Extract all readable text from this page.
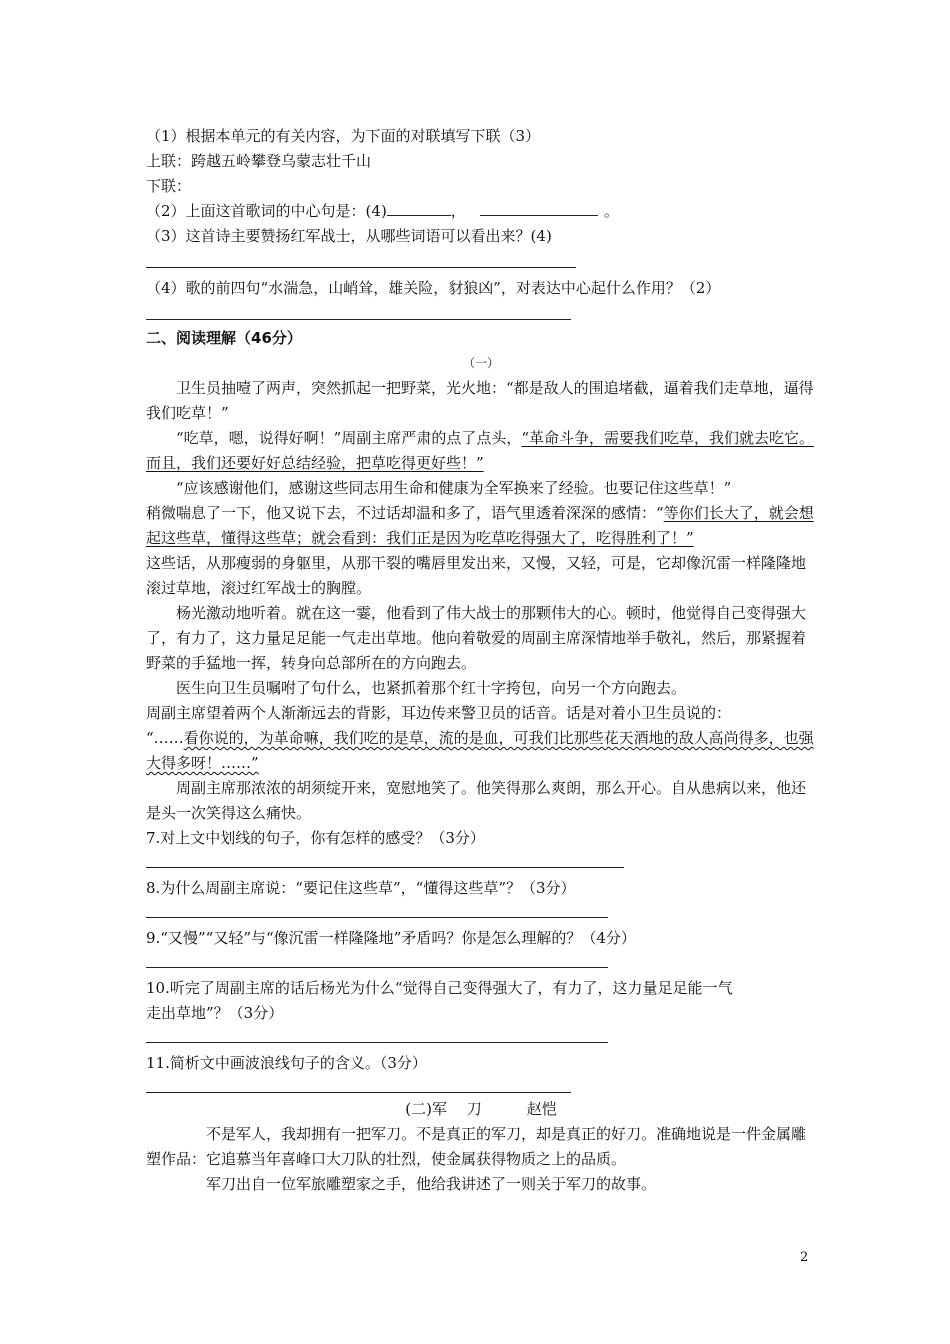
（1）根据本单元的有关内容，为下面的对联填写下联（3）
上联：跨越五岭攀登乌蒙志壮千山
下联：
（2）上面这首歌词的中心句是：(4)	，	。
（3）这首诗主要赞扬红军战士，从哪些词语可以看出来？(4)
（4）歌的前四句“水湍急，山峭耸，雄关险，豺狼凶”，对表达中心起什么作用？（2）
二、阅读理解（46分）
（一）
卫生员抽噎了两声，突然抓起一把野菜，光火地：“都是敌人的围追堵截，逼着我们走草地，逼得我们吃草！”
“吃草，嗯，说得好啊！”周副主席严肃的点了点头，“革命斗争，需要我们吃草，我们就去吃它。而且，我们还要好好总结经验，把草吃得更好些！”
“应该感谢他们，感谢这些同志用生命和健康为全军换来了经验。也要记住这些草！”
稍微喘息了一下，他又说下去，不过话却温和多了，语气里透着深深的感情：“等你们长大了，就会想起这些草，懂得这些草；就会看到：我们正是因为吃草吃得强大了，吃得胜利了！”
这些话，从那瘦弱的身躯里，从那干裂的嘴唇里发出来，又慢，又轻，可是，它却像沉雷一样隆隆地滚过草地，滚过红军战士的胸膛。
杨光激动地听着。就在这一霎，他看到了伟大战士的那颗伟大的心。顿时，他觉得自己变得强大了，有力了，这力量足足能一气走出草地。他向着敬爱的周副主席深情地举手敬礼，然后，那紧握着野菜的手猛地一挥，转身向总部所在的方向跑去。
医生向卫生员嘱咐了句什么，也紧抓着那个红十字挎包，向另一个方向跑去。
周副主席望着两个人渐渐远去的背影，耳边传来警卫员的话音。话是对着小卫生员说的：
“……看你说的，为革命嘛，我们吃的是草，流的是血，可我们比那些花天酒地的敌人高尚得多，也强大得多呀！……”
周副主席那浓浓的胡须绽开来，宽慰地笑了。他笑得那么爽朗，那么开心。自从患病以来，他还是头一次笑得这么痛快。
7.对上文中划线的句子，你有怎样的感受？（3分）
8.为什么周副主席说：“要记住这些草”，“懂得这些草”？（3分）
9.“又慢”“又轻”与“像沉雷一样隆隆地”矛盾吗？你是怎么理解的？（4分）
10.听完了周副主席的话后杨光为什么“觉得自己变得强大了，有力了，这力量足足能一气
走出草地”？（3分）
11.简析文中画波浪线句子的含义。（3分）
(二)军　 刀　　　赵恺
不是军人，我却拥有一把军刀。不是真正的军刀，却是真正的好刀。准确地说是一件金属雕塑作品：它追慕当年喜峰口大刀队的壮烈，使金属获得物质之上的品质。
军刀出自一位军旅雕塑家之手，他给我讲述了一则关于军刀的故事。
2
